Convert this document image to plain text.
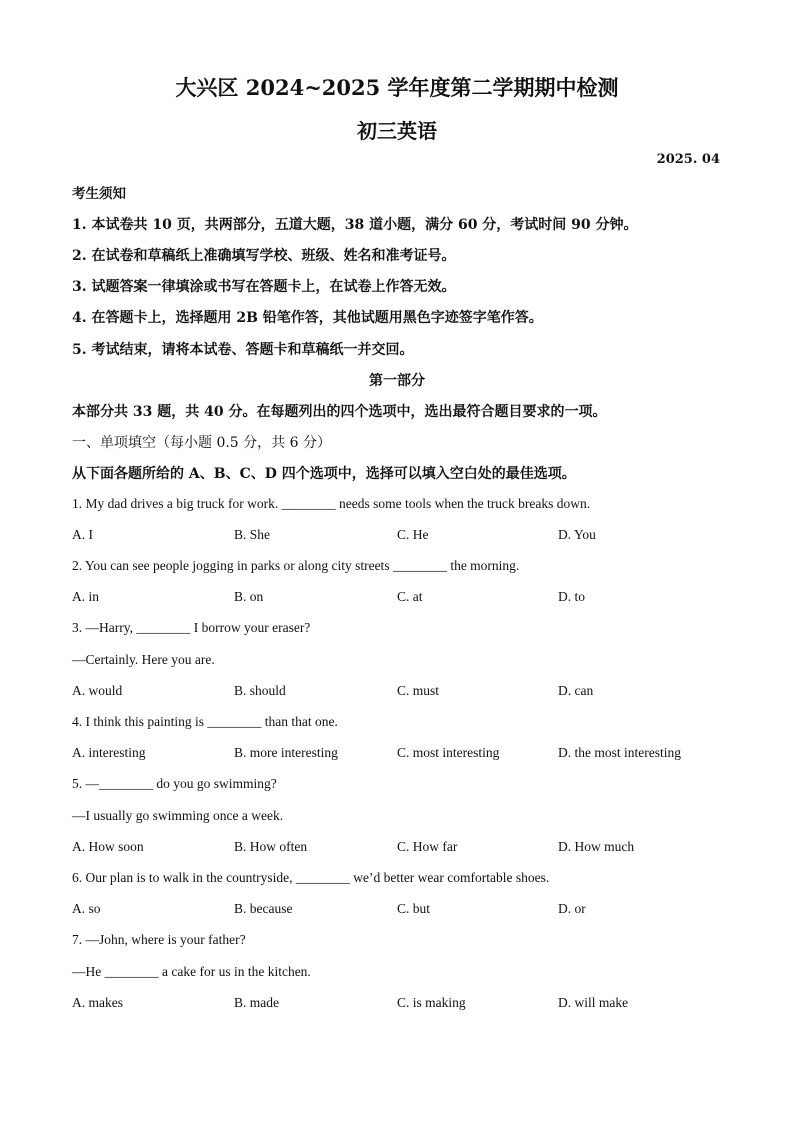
大兴区 2024~2025 学年度第二学期期中检测
初三英语
2025. 04
考生须知
1. 本试卷共 10 页，共两部分，五道大题，38 道小题，满分 60 分，考试时间 90 分钟。
2. 在试卷和草稿纸上准确填写学校、班级、姓名和准考证号。
3. 试题答案一律填涂或书写在答题卡上，在试卷上作答无效。
4. 在答题卡上，选择题用 2B 铅笔作答，其他试题用黑色字迹签字笔作答。
5. 考试结束，请将本试卷、答题卡和草稿纸一并交回。
第一部分
本部分共 33 题，共 40 分。在每题列出的四个选项中，选出最符合题目要求的一项。
一、单项填空（每小题 0.5 分，共 6 分）
从下面各题所给的 A、B、C、D 四个选项中，选择可以填入空白处的最佳选项。
1. My dad drives a big truck for work. ________ needs some tools when the truck breaks down.
A. I	B. She	C. He	D. You
2. You can see people jogging in parks or along city streets ________ the morning.
A. in	B. on	C. at	D. to
3. —Harry, ________ I borrow your eraser?
—Certainly. Here you are.
A. would	B. should	C. must	D. can
4. I think this painting is ________ than that one.
A. interesting	B. more interesting	C. most interesting	D. the most interesting
5. —________ do you go swimming?
—I usually go swimming once a week.
A. How soon	B. How often	C. How far	D. How much
6. Our plan is to walk in the countryside, ________ we’d better wear comfortable shoes.
A. so	B. because	C. but	D. or
7. —John, where is your father?
—He ________ a cake for us in the kitchen.
A. makes	B. made	C. is making	D. will make
